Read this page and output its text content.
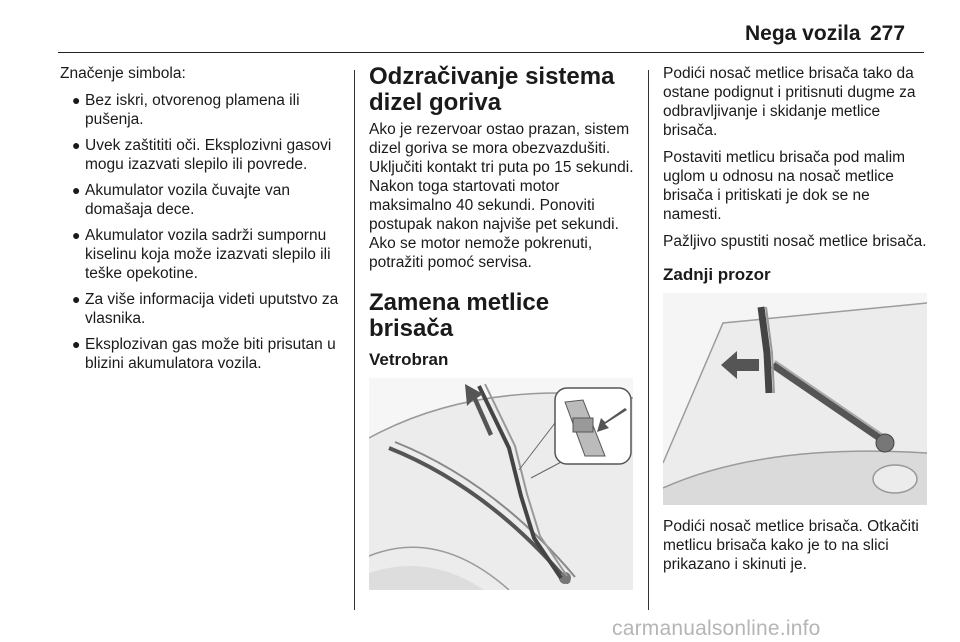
Nega vozila 277

Značenje simbola:

● Bez iskri, otvorenog plamena ili pušenja.
● Uvek zaštititi oči. Eksplozivni gasovi mogu izazvati slepilo ili povrede.
● Akumulator vozila čuvajte van domašaja dece.
● Akumulator vozila sadrži sumpornu kiselinu koja može izazvati slepilo ili teške opekotine.
● Za više informacija videti uputstvo za vlasnika.
● Eksplozivan gas može biti prisutan u blizini akumulatora vozila.
Odzračivanje sistema dizel goriva

Ako je rezervoar ostao prazan, sistem dizel goriva se mora obezvazdušiti. Uključiti kontakt tri puta po 15 sekundi. Nakon toga startovati motor maksimalno 40 sekundi. Ponoviti postupak nakon najviše pet sekundi. Ako se motor nemože pokrenuti, potražiti pomoć servisa.

Zamena metlice brisača
Vetrobran

Podići nosač metlice brisača tako da ostane podignut i pritisnuti dugme za odbravljivanje i skidanje metlice brisača.

Postaviti metlicu brisača pod malim uglom u odnosu na nosač metlice brisača i pritiskati je dok se ne namesti.

Pažljivo spustiti nosač metlice brisača.

Zadnji prozor

Podići nosač metlice brisača. Otkačiti metlicu brisača kako je to na slici prikazano i skinuti je.

carmanualsonline.info
